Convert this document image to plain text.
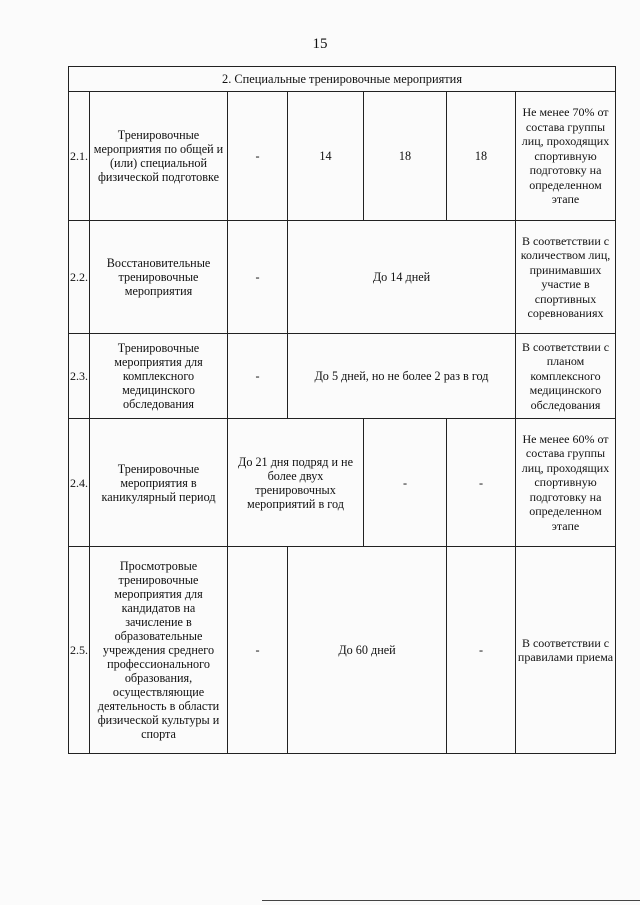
15
2. Специальные тренировочные мероприятия						
2.1.	Тренировочные мероприятия по общей и (или) специальной физической подготовке	-	14	18	18	Не менее 70% от состава группы лиц, проходящих спортивную подготовку на определенном этапе
2.2.	Восстановительные тренировочные мероприятия	-	До 14 дней			В соответствии с количеством лиц, принимавших участие в спортивных соревнованиях
2.3.	Тренировочные мероприятия для комплексного медицинского обследования	-	До 5 дней, но не более 2 раз в год			В соответствии с планом комплексного медицинского обследования
2.4.	Тренировочные мероприятия в каникулярный период	До 21 дня подряд и не более двух тренировочных мероприятий в год		-	-	Не менее 60% от состава группы лиц, проходящих спортивную подготовку на определенном этапе
2.5.	Просмотровые тренировочные мероприятия для кандидатов на зачисление в образовательные учреждения среднего профессионального образования, осуществляющие деятельность в области физической культуры и спорта	-	До 60 дней		-	В соответствии с правилами приема
